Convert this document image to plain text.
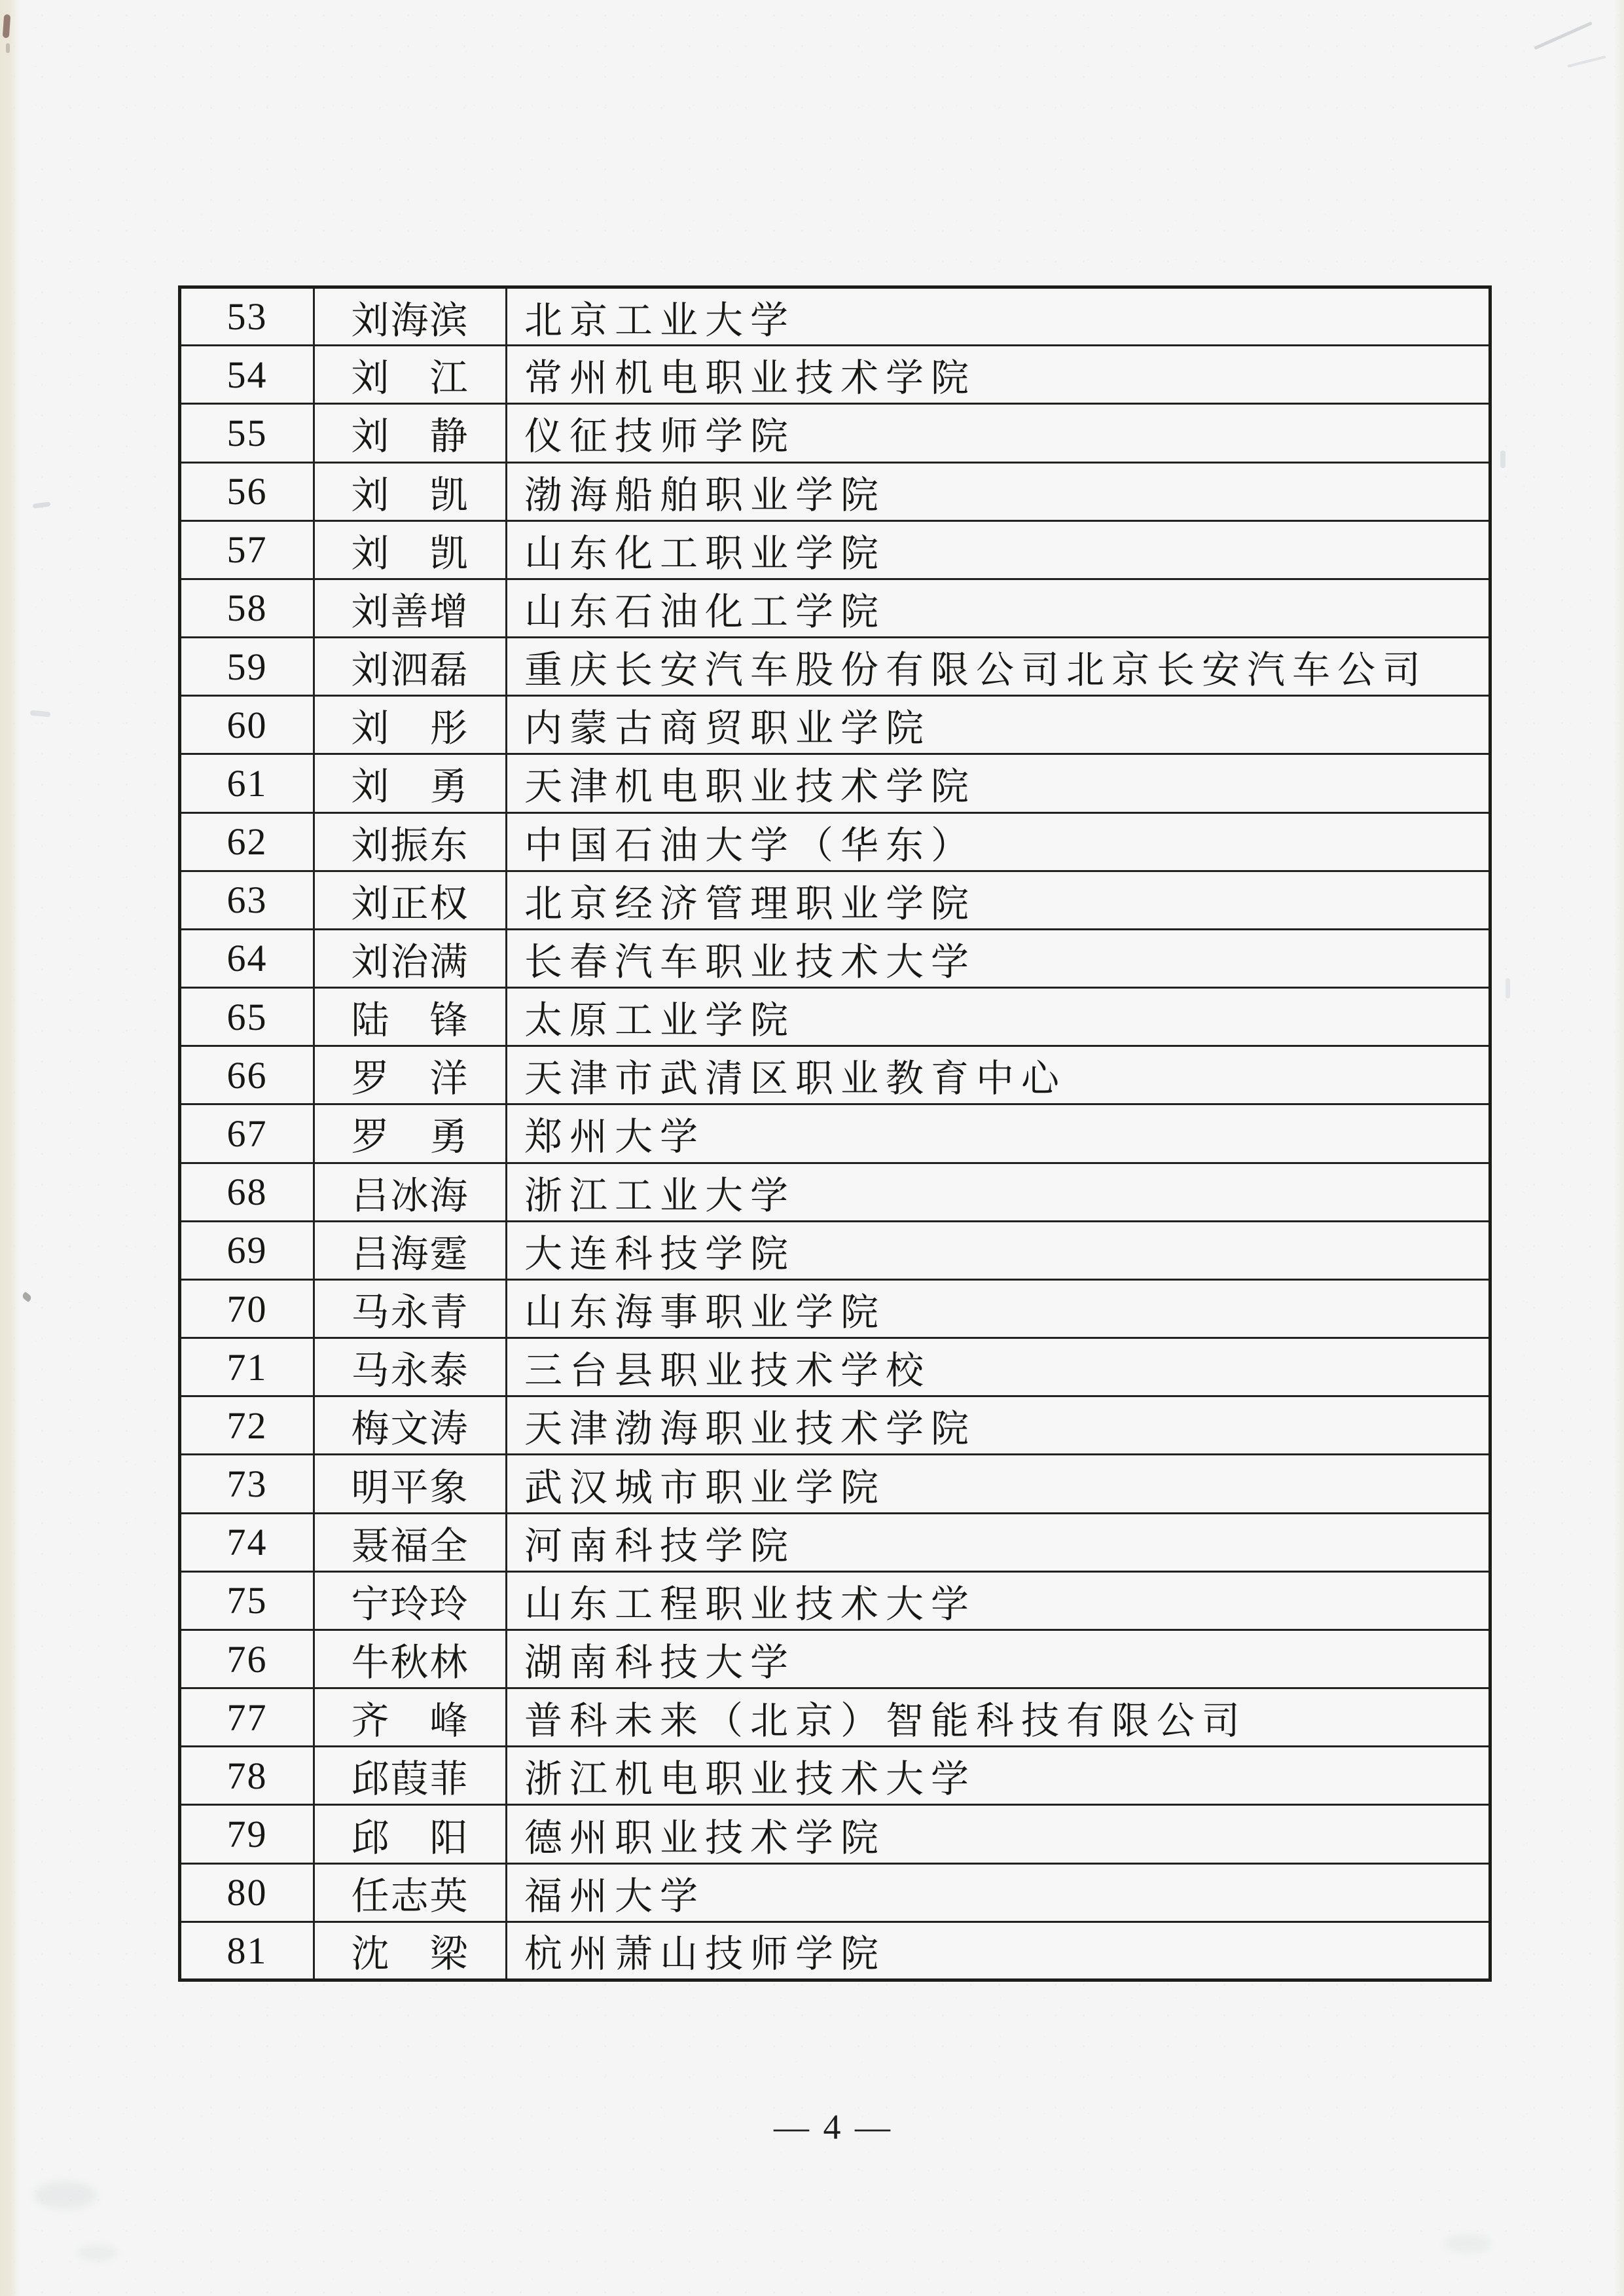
53	刘海滨	北京工业大学
54	刘　江	常州机电职业技术学院
55	刘　静	仪征技师学院
56	刘　凯	渤海船舶职业学院
57	刘　凯	山东化工职业学院
58	刘善增	山东石油化工学院
59	刘泗磊	重庆长安汽车股份有限公司北京长安汽车公司
60	刘　彤	内蒙古商贸职业学院
61	刘　勇	天津机电职业技术学院
62	刘振东	中国石油大学（华东）
63	刘正权	北京经济管理职业学院
64	刘治满	长春汽车职业技术大学
65	陆　锋	太原工业学院
66	罗　洋	天津市武清区职业教育中心
67	罗　勇	郑州大学
68	吕冰海	浙江工业大学
69	吕海霆	大连科技学院
70	马永青	山东海事职业学院
71	马永泰	三台县职业技术学校
72	梅文涛	天津渤海职业技术学院
73	明平象	武汉城市职业学院
74	聂福全	河南科技学院
75	宁玲玲	山东工程职业技术大学
76	牛秋林	湖南科技大学
77	齐　峰	普科未来（北京）智能科技有限公司
78	邱葭菲	浙江机电职业技术大学
79	邱　阳	德州职业技术学院
80	任志英	福州大学
81	沈　梁	杭州萧山技师学院
— 4 —
